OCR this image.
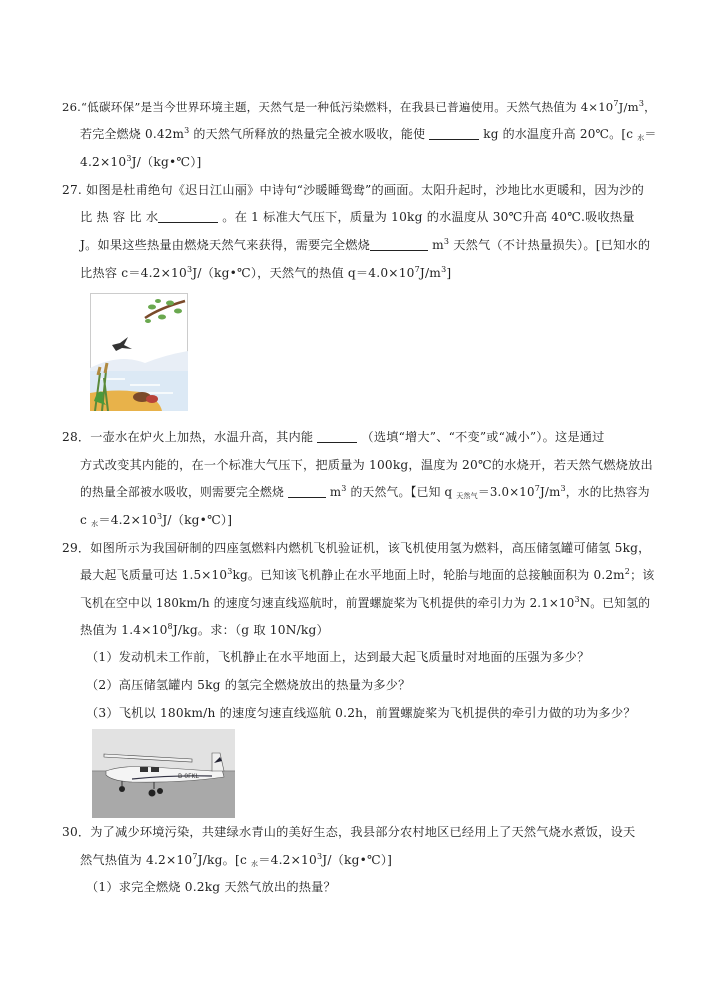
26.“低碳环保”是当今世界环境主题，天然气是一种低污染燃料，在我县已普遍使用。天然气热值为 $4\times 10^7J/m^3$，
若完全燃烧 $0.42m^3$ 的天然气所释放的热量完全被水吸收，能使	kg 的水温度升高 20℃。[c 水＝
$4.2\times 10^3J/(kg•℃)$]
27. 如图是杜甫绝句《迟日江山丽》中诗句“沙暖睡鸳鸯”的画面。太阳升起时，沙地比水更暖和，因为沙的
比 热 容 比 水	。在 1 标准大气压下，质量为 10kg 的水温度从 30℃升高 40℃.吸收热量
J。如果这些热量由燃烧天然气来获得，需要完全燃烧	$m^3$ 天然气（不计热量损失）。[已知水的
比热容 $c=4.2\times 10^3J/(kg•℃)$，天然气的热值 $q=4.0\times 10^7J/m^3$]
28．一壶水在炉火上加热，水温升高，其内能	（选填“增大”、“不变”或“减小”）。这是通过
方式改变其内能的，在一个标准大气压下，把质量为 100kg，温度为 20℃的水烧开，若天然气燃烧放出
的热量全部被水吸收，则需要完全燃烧	$m^3$ 的天然气。【已知 q 天然气$=3.0\times 10^7J/m^3$，水的比热容为
c 水$=4.2\times 10^3J/(kg•℃)$]
29．如图所示为我国研制的四座氢燃料内燃机飞机验证机，该飞机使用氢为燃料，高压储氢罐可储氢 5kg，
最大起飞质量可达 $1.5\times 10^3kg$。已知该飞机静止在水平地面上时，轮胎与地面的总接触面积为 $0.2m^2$；该
飞机在空中以 180km/h 的速度匀速直线巡航时，前置螺旋桨为飞机提供的牵引力为 $2.1\times 10^3N$。已知氢的
热值为 $1.4\times 10^8J/kg$。求：（g 取 10N/kg）
（1）发动机未工作前，飞机静止在水平地面上，达到最大起飞质量时对地面的压强为多少？
（2）高压储氢罐内 5kg 的氢完全燃烧放出的热量为多少？
（3）飞机以 180km/h 的速度匀速直线巡航 0.2h，前置螺旋桨为飞机提供的牵引力做的功为多少？
B-0FKL
30．为了减少环境污染，共建绿水青山的美好生态，我县部分农村地区已经用上了天然气烧水煮饭，设天
然气热值为 $4.2\times 10^7J/kg$。[c 水$=4.2\times 10^3J/(kg•℃)$]
（1）求完全燃烧 0.2kg 天然气放出的热量？
